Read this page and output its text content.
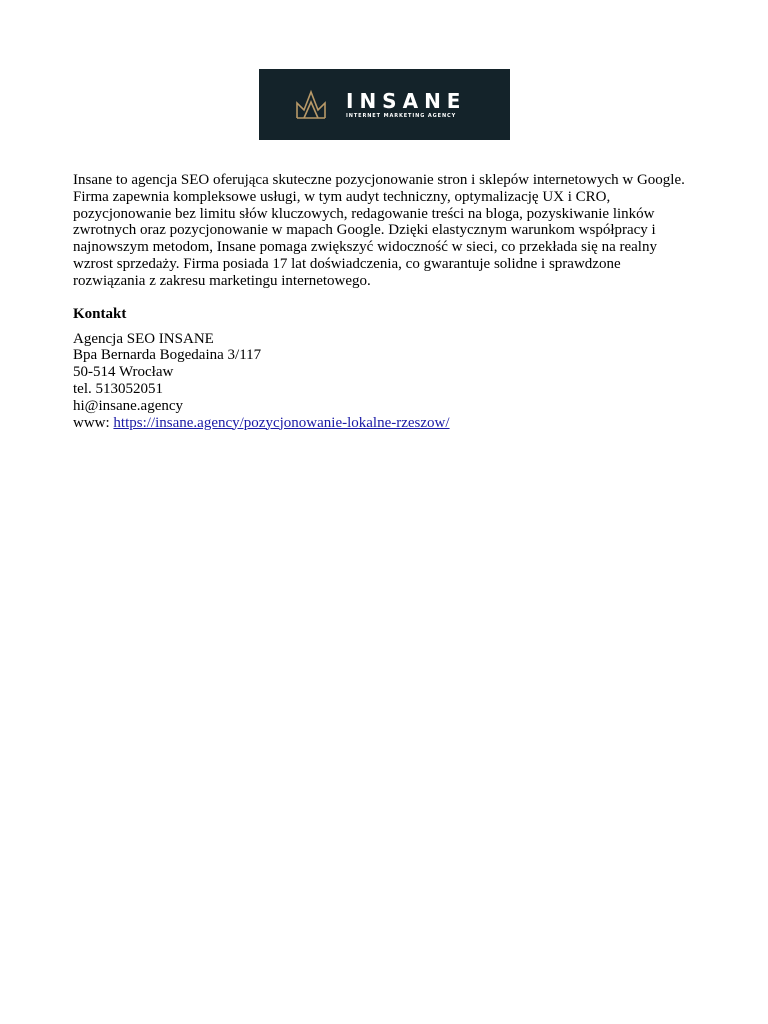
INSANE
INTERNET MARKETING AGENCY

Insane to agencja SEO oferująca skuteczne pozycjonowanie stron i sklepów internetowych w Google. Firma zapewnia kompleksowe usługi, w tym audyt techniczny, optymalizację UX i CRO, pozycjonowanie bez limitu słów kluczowych, redagowanie treści na bloga, pozyskiwanie linków zwrotnych oraz pozycjonowanie w mapach Google. Dzięki elastycznym warunkom współpracy i najnowszym metodom, Insane pomaga zwiększyć widoczność w sieci, co przekłada się na realny wzrost sprzedaży. Firma posiada 17 lat doświadczenia, co gwarantuje solidne i sprawdzone rozwiązania z zakresu marketingu internetowego.

Kontakt
Agencja SEO INSANE
Bpa Bernarda Bogedaina 3/117
50-514 Wrocław
tel. 513052051
hi@insane.agency
www: https://insane.agency/pozycjonowanie-lokalne-rzeszow/
